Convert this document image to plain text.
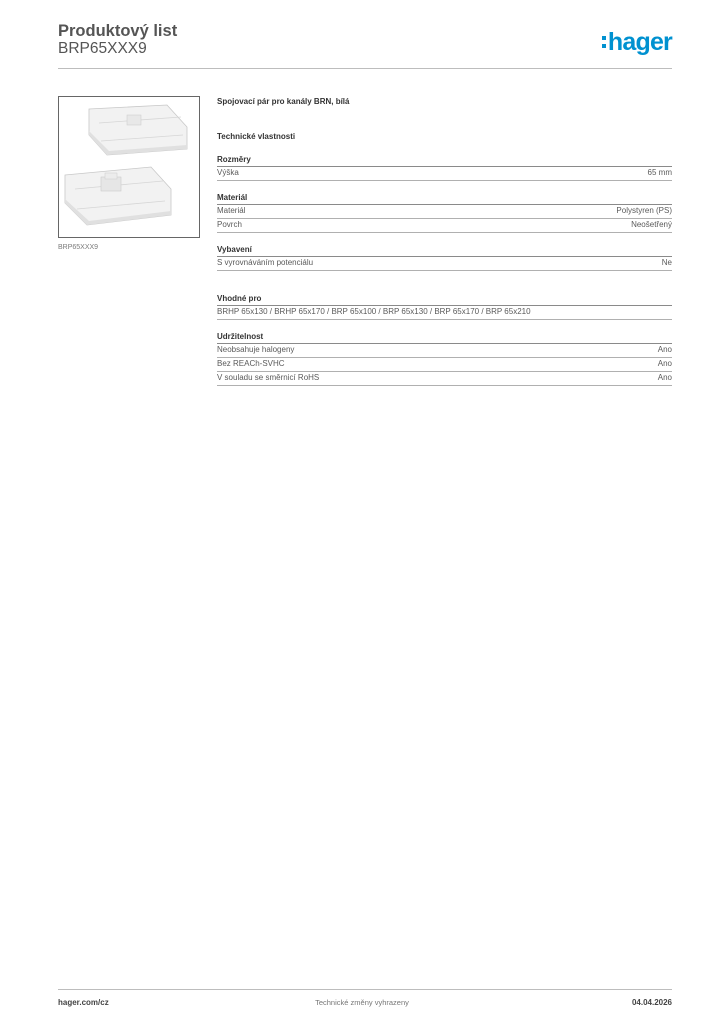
Produktový list
BRP65XXX9	hager
BRP65XXX9
Spojovací pár pro kanály BRN, bílá
Technické vlastnosti
Rozměry
Výška	65 mm
Materiál
Materiál	Polystyren (PS)
Povrch	Neošetřený
Vybavení
S vyrovnáváním potenciálu	Ne
Vhodné pro
BRHP 65x130 / BRHP 65x170 / BRP 65x100 / BRP 65x130 / BRP 65x170 / BRP 65x210
Udržitelnost
Neobsahuje halogeny	Ano
Bez REACh-SVHC	Ano
V souladu se směrnicí RoHS	Ano
hager.com/cz	Technické změny vyhrazeny	04.04.2026
